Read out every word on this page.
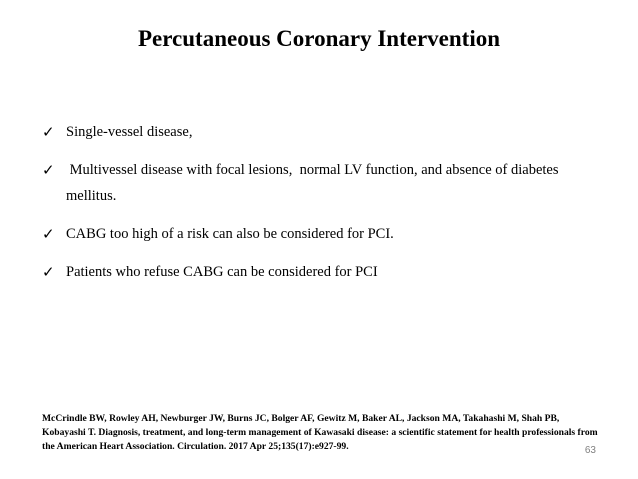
Percutaneous Coronary Intervention
✓ Single-vessel disease,
✓ Multivessel disease with focal lesions,  normal LV function, and absence of diabetes mellitus.
✓ CABG too high of a risk can also be considered for PCI.
✓ Patients who refuse CABG can be considered for PCI
McCrindle BW, Rowley AH, Newburger JW, Burns JC, Bolger AF, Gewitz M, Baker AL, Jackson MA, Takahashi M, Shah PB, Kobayashi T. Diagnosis, treatment, and long-term management of Kawasaki disease: a scientific statement for health professionals from the American Heart Association. Circulation. 2017 Apr 25;135(17):e927-99.	63
